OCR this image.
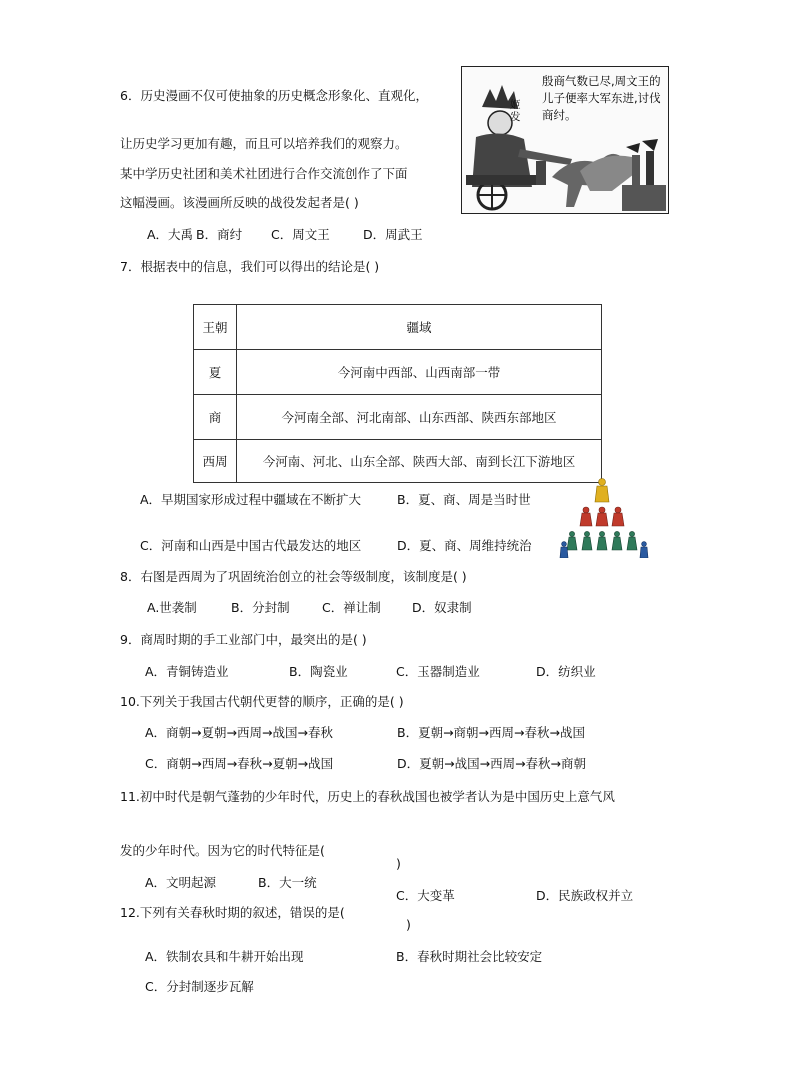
6．历史漫画不仅可使抽象的历史概念形象化、直观化，
让历史学习更加有趣，而且可以培养我们的观察力。
某中学历史社团和美术社团进行合作交流创作了下面
这幅漫画。该漫画所反映的战役发起者是( )
A．大禹 B．商纣 C．周文王	D．周武王
殷商气数已尽,周文王的儿子便率大军东进,讨伐商纣。
姬发
7．根据表中的信息，我们可以得出的结论是( )
王朝	疆域
夏	今河南中西部、山西南部一带
商	今河南全部、河北南部、山东西部、陕西东部地区
西周	今河南、河北、山东全部、陕西大部、南到长江下游地区
A．早期国家形成过程中疆域在不断扩大	B．夏、商、周是当时世
C．河南和山西是中国古代最发达的地区	D．夏、商、周维持统治
8．右图是西周为了巩固统治创立的社会等级制度，该制度是( )
A.世袭制	B．分封制	C．禅让制	D．奴隶制
9．商周时期的手工业部门中，最突出的是( )
A．青铜铸造业	B．陶瓷业	C．玉器制造业	D．纺织业
10.下列关于我国古代朝代更替的顺序，正确的是( )
A．商朝→夏朝→西周→战国→春秋	B．夏朝→商朝→西周→春秋→战国
C．商朝→西周→春秋→夏朝→战国	D．夏朝→战国→西周→春秋→商朝
11.初中时代是朝气蓬勃的少年时代，历史上的春秋战国也被学者认为是中国历史上意气风
发的少年时代。因为它的时代特征是(
)
A．文明起源	B．大一统
C．大变革	D．民族政权并立
12.下列有关春秋时期的叙述，错误的是(
)
A．铁制农具和牛耕开始出现	B．春秋时期社会比较安定
C．分封制逐步瓦解
